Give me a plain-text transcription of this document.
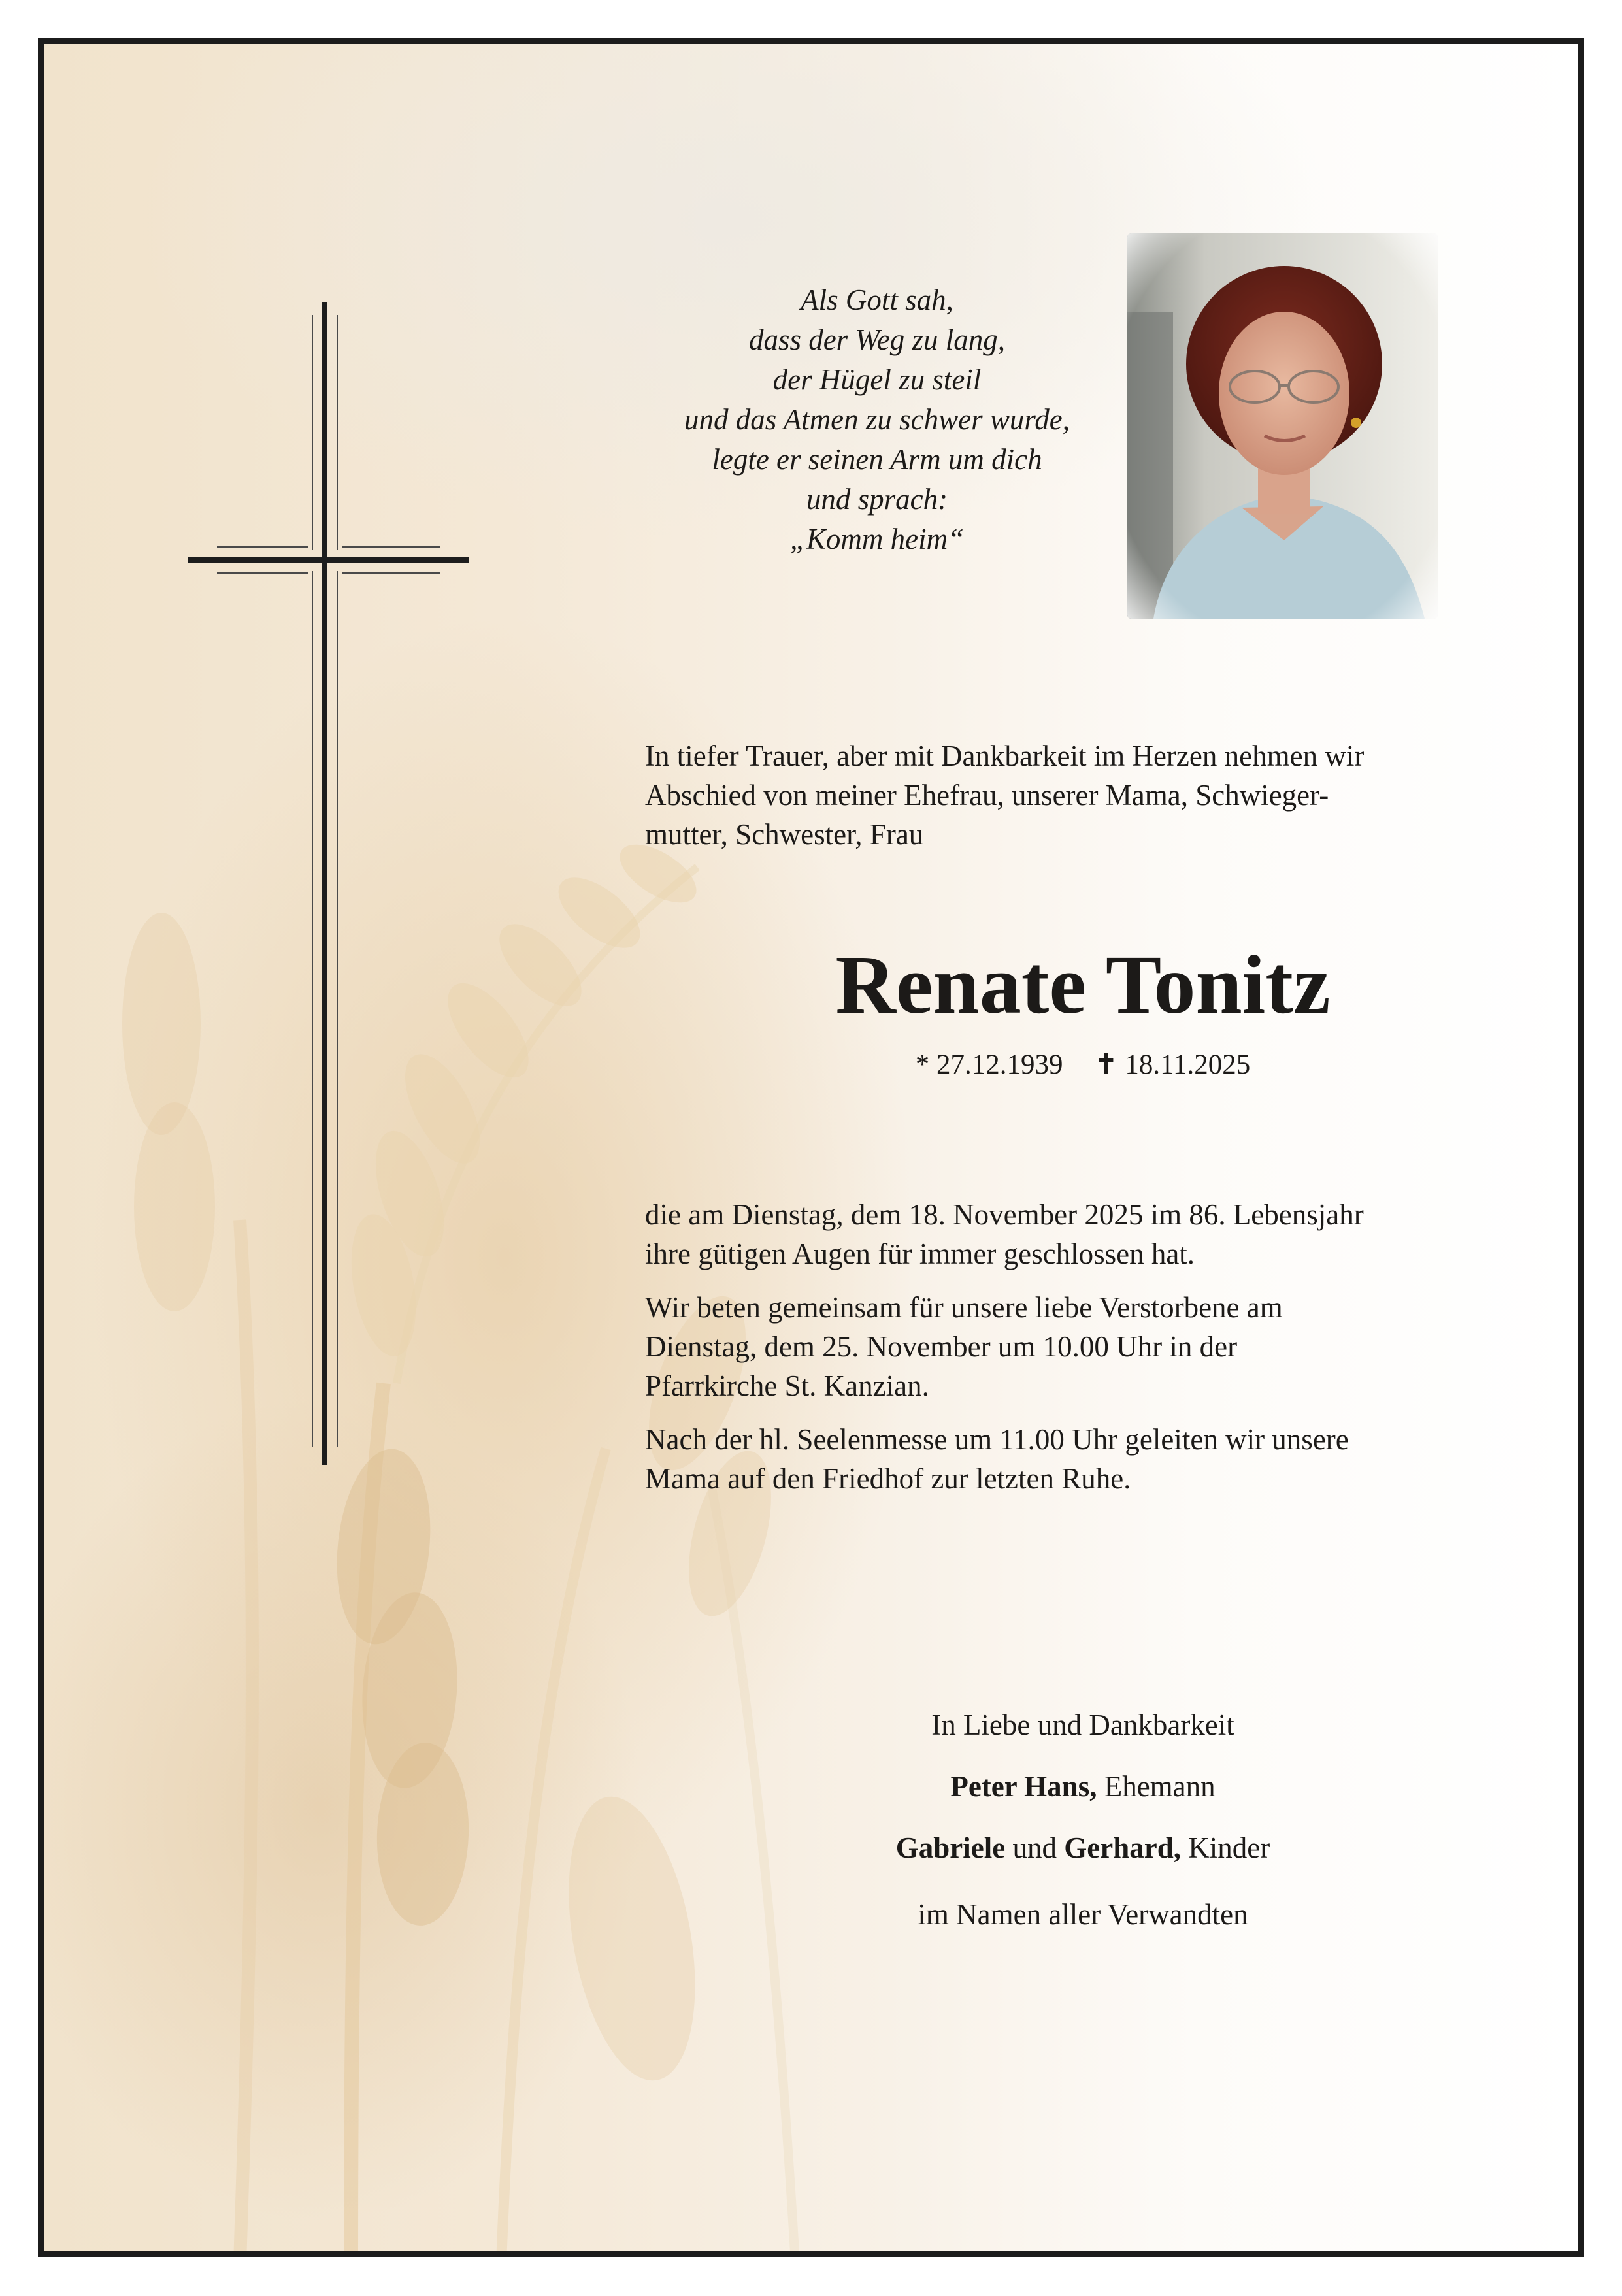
Als Gott sah,
dass der Weg zu lang,
der Hügel zu steil
und das Atmen zu schwer wurde,
legte er seinen Arm um dich
und sprach:
„Komm heim“
In tiefer Trauer, aber mit Dankbarkeit im Herzen nehmen wir
Abschied von meiner Ehefrau, unserer Mama, Schwieger-
mutter, Schwester, Frau
Renate Tonitz
* 27.12.1939 ✝ 18.11.2025
die am Dienstag, dem 18. November 2025 im 86. Lebensjahr
ihre gütigen Augen für immer geschlossen hat.
Wir beten gemeinsam für unsere liebe Verstorbene am
Dienstag, dem 25. November um 10.00 Uhr in der
Pfarrkirche St. Kanzian.
Nach der hl. Seelenmesse um 11.00 Uhr geleiten wir unsere
Mama auf den Friedhof zur letzten Ruhe.
In Liebe und Dankbarkeit
Peter Hans, Ehemann
Gabriele und Gerhard, Kinder
im Namen aller Verwandten
